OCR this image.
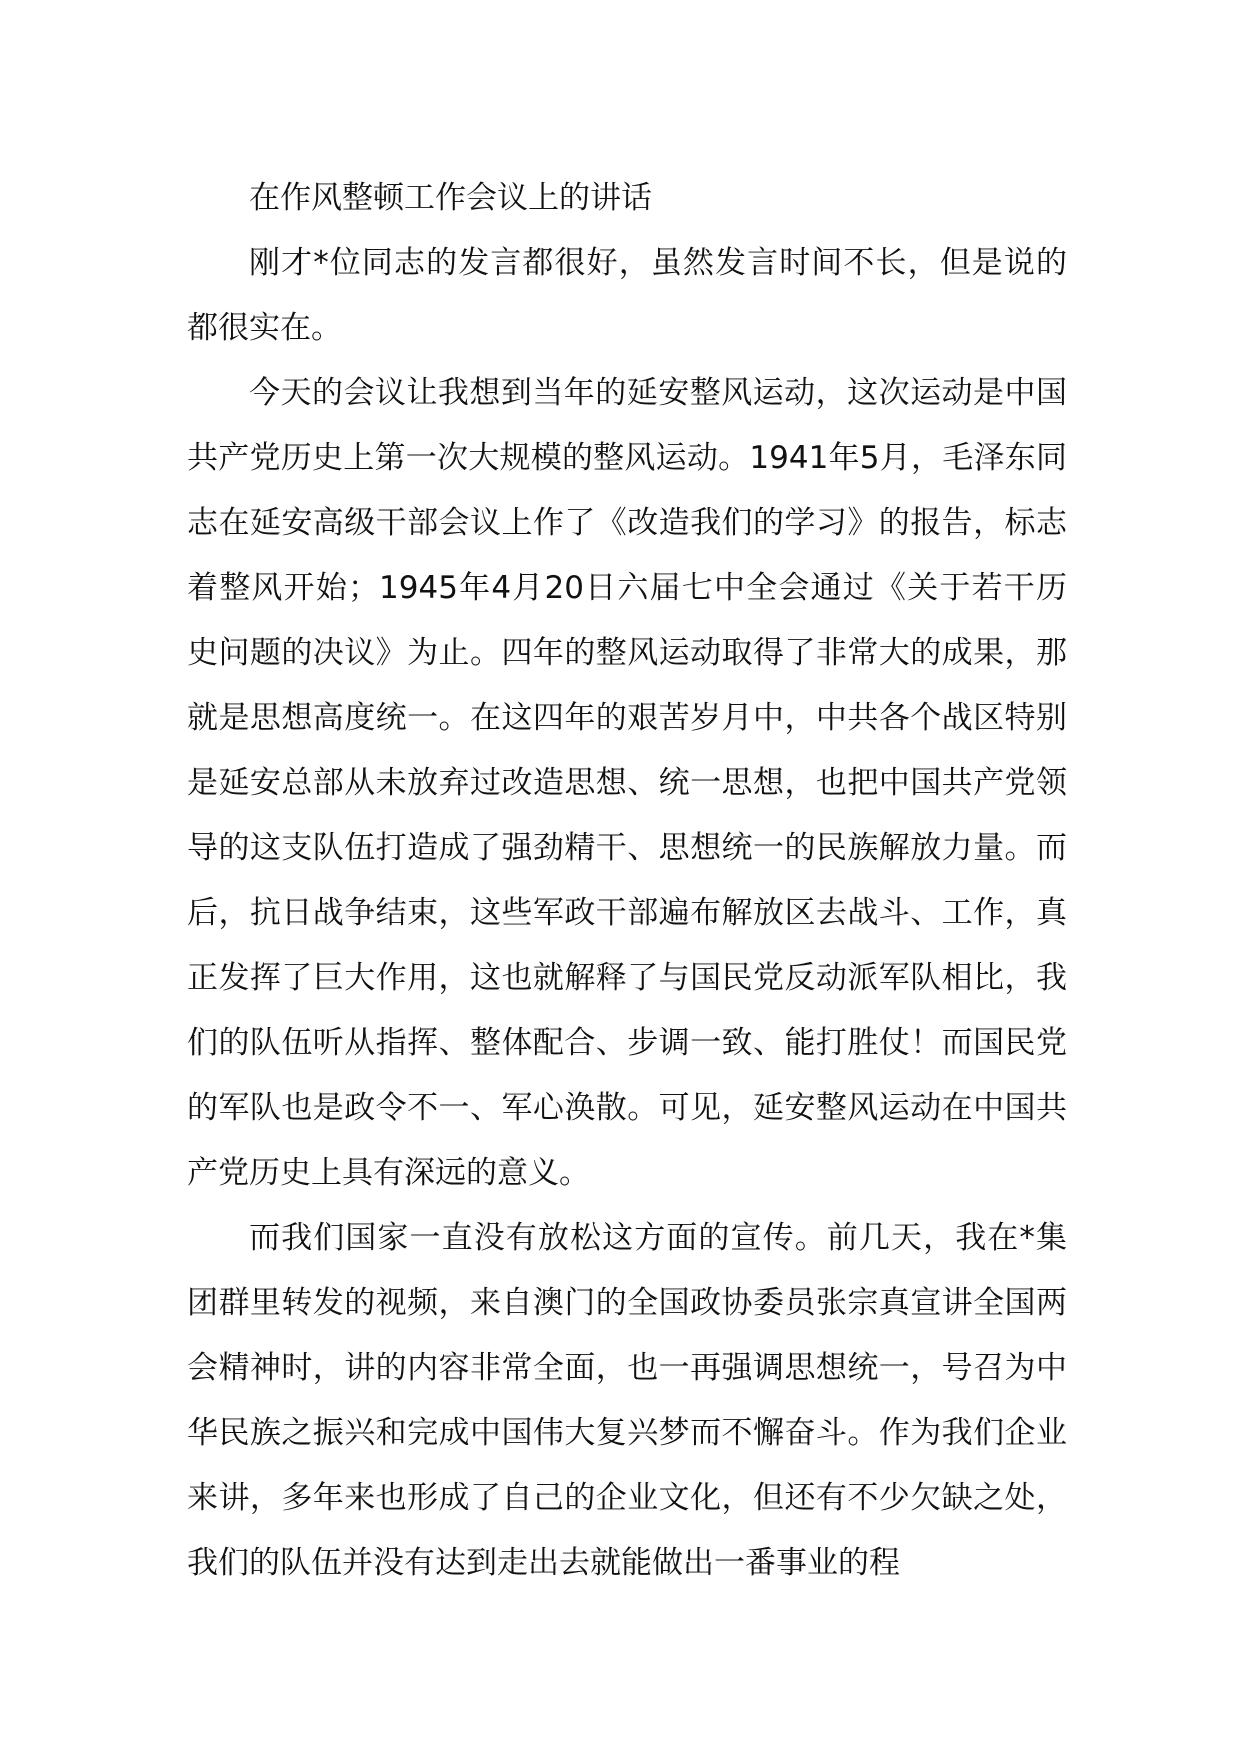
在作风整顿工作会议上的讲话

刚才*位同志的发言都很好，虽然发言时间不长，但是说的都很实在。

今天的会议让我想到当年的延安整风运动，这次运动是中国共产党历史上第一次大规模的整风运动。1941年5月，毛泽东同志在延安高级干部会议上作了《改造我们的学习》的报告，标志着整风开始；1945年4月20日六届七中全会通过《关于若干历史问题的决议》为止。四年的整风运动取得了非常大的成果，那就是思想高度统一。在这四年的艰苦岁月中，中共各个战区特别是延安总部从未放弃过改造思想、统一思想，也把中国共产党领导的这支队伍打造成了强劲精干、思想统一的民族解放力量。而后，抗日战争结束，这些军政干部遍布解放区去战斗、工作，真正发挥了巨大作用，这也就解释了与国民党反动派军队相比，我们的队伍听从指挥、整体配合、步调一致、能打胜仗！而国民党的军队也是政令不一、军心涣散。可见，延安整风运动在中国共产党历史上具有深远的意义。

而我们国家一直没有放松这方面的宣传。前几天，我在*集团群里转发的视频，来自澳门的全国政协委员张宗真宣讲全国两会精神时，讲的内容非常全面，也一再强调思想统一，号召为中华民族之振兴和完成中国伟大复兴梦而不懈奋斗。作为我们企业来讲，多年来也形成了自己的企业文化，但还有不少欠缺之处，我们的队伍并没有达到走出去就能做出一番事业的程
